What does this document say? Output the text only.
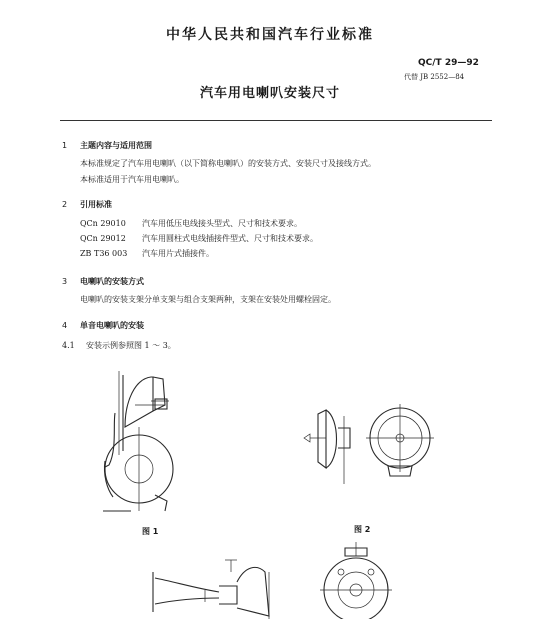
中华人民共和国汽车行业标准
QC/T 29—92
代替 JB 2552—84
汽车用电喇叭安装尺寸
1 主题内容与适用范围
本标准规定了汽车用电喇叭（以下简称电喇叭）的安装方式、安装尺寸及接线方式。
本标准适用于汽车用电喇叭。
2 引用标准
QCn 29010 汽车用低压电线接头型式、尺寸和技术要求。
QCn 29012 汽车用圆柱式电线插接件型式、尺寸和技术要求。
ZB T36 003 汽车用片式插接件。
3 电喇叭的安装方式
电喇叭的安装支架分单支架与组合支架两种，支架在安装处用螺栓固定。
4 单音电喇叭的安装
4.1 安装示例参照图 1 ～ 3。
图 1	图 2
